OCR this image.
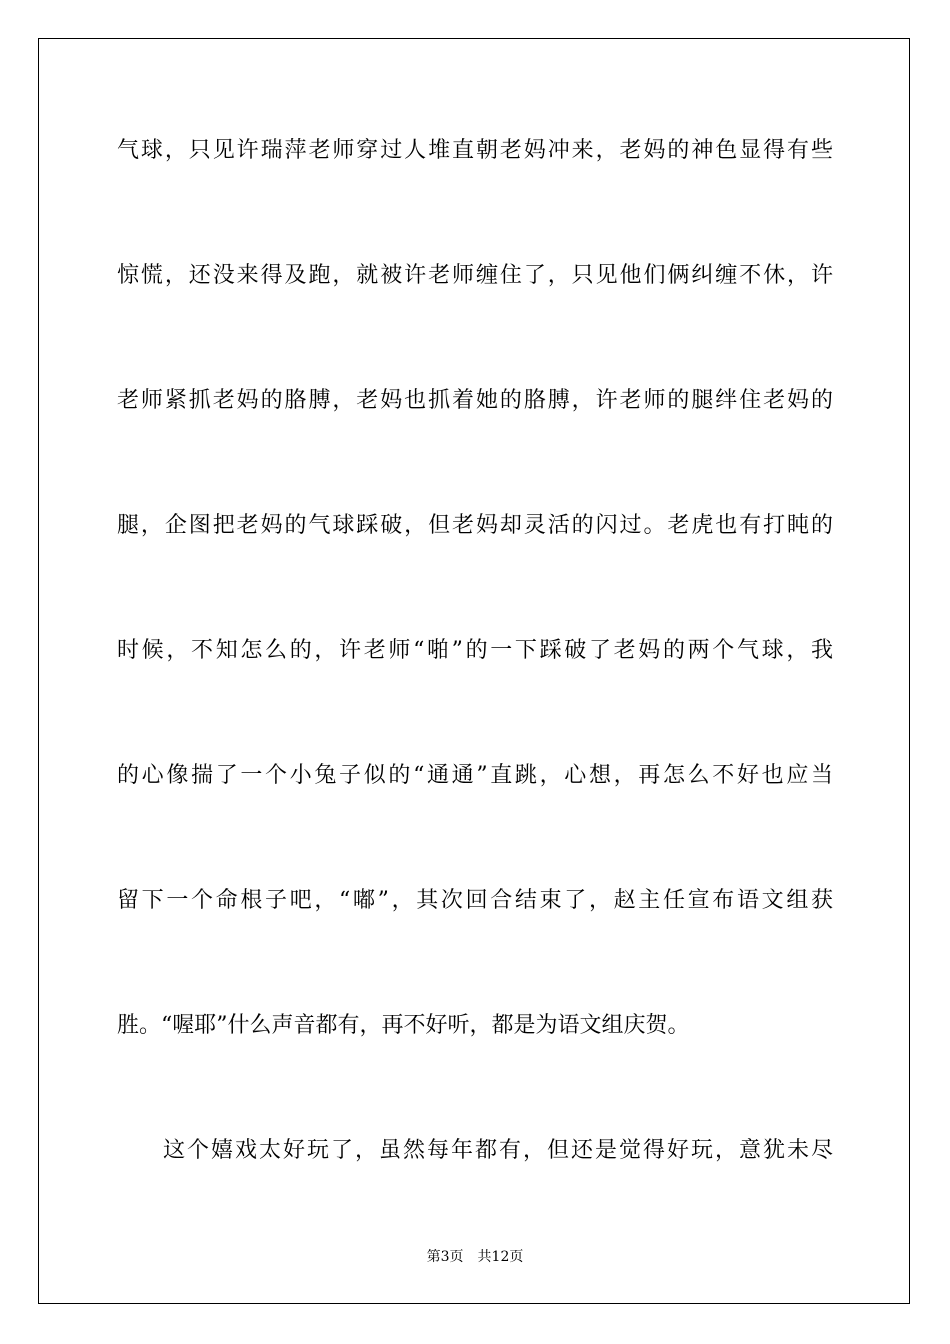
气球，只见许瑞萍老师穿过人堆直朝老妈冲来，老妈的神色显得有些
惊慌，还没来得及跑，就被许老师缠住了，只见他们俩纠缠不休，许
老师紧抓老妈的胳膊，老妈也抓着她的胳膊，许老师的腿绊住老妈的
腿，企图把老妈的气球踩破，但老妈却灵活的闪过。老虎也有打盹的
时候，不知怎么的，许老师“啪”的一下踩破了老妈的两个气球，我
的心像揣了一个小兔子似的“通通”直跳，心想，再怎么不好也应当
留下一个命根子吧，“嘟”，其次回合结束了，赵主任宣布语文组获
胜。“喔耶”什么声音都有，再不好听，都是为语文组庆贺。
这个嬉戏太好玩了，虽然每年都有，但还是觉得好玩，意犹未尽
第3页 共12页
